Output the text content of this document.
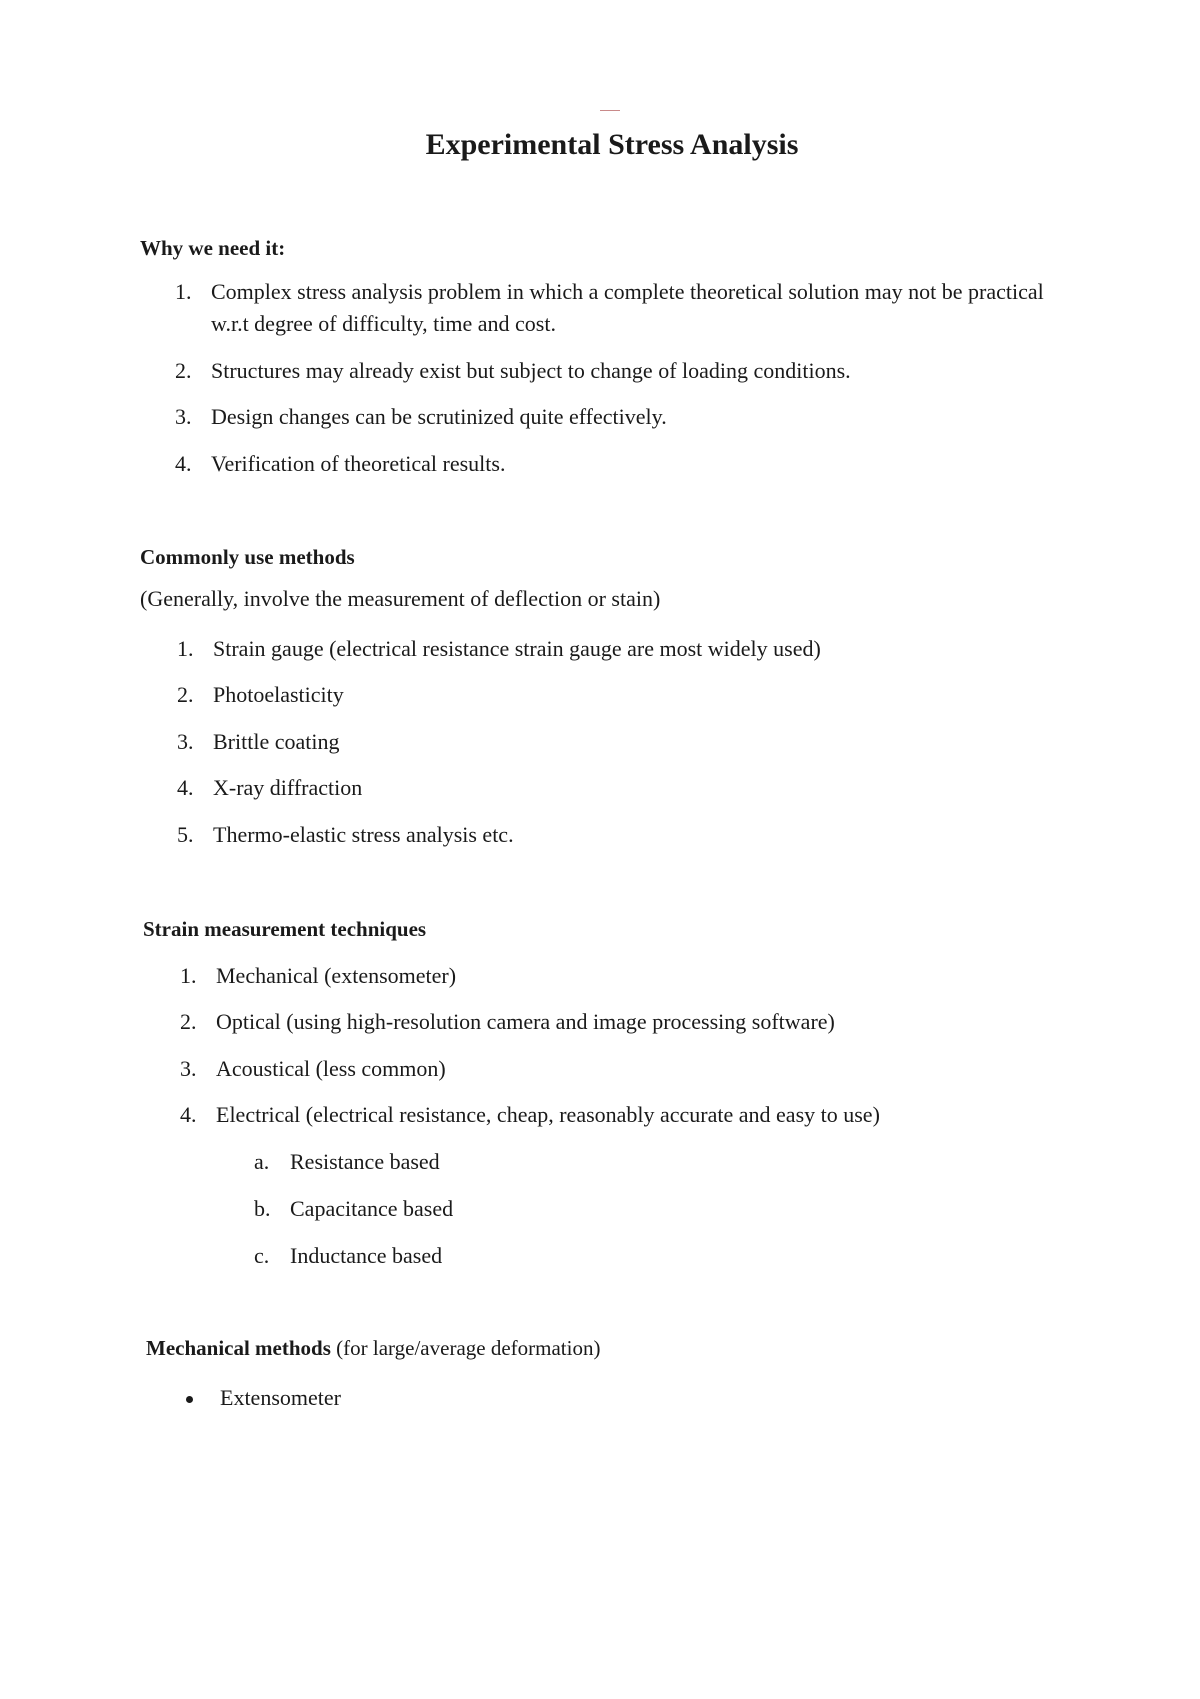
Experimental Stress Analysis
Why we need it:
1. Complex stress analysis problem in which a complete theoretical solution may not be practical w.r.t degree of difficulty, time and cost.
2. Structures may already exist but subject to change of loading conditions.
3. Design changes can be scrutinized quite effectively.
4. Verification of theoretical results.
Commonly use methods
(Generally, involve the measurement of deflection or stain)
1. Strain gauge (electrical resistance strain gauge are most widely used)
2. Photoelasticity
3. Brittle coating
4. X-ray diffraction
5. Thermo-elastic stress analysis etc.
Strain measurement techniques
1. Mechanical (extensometer)
2. Optical (using high-resolution camera and image processing software)
3. Acoustical (less common)
4. Electrical (electrical resistance, cheap, reasonably accurate and easy to use)
a. Resistance based
b. Capacitance based
c. Inductance based
Mechanical methods (for large/average deformation)
Extensometer
